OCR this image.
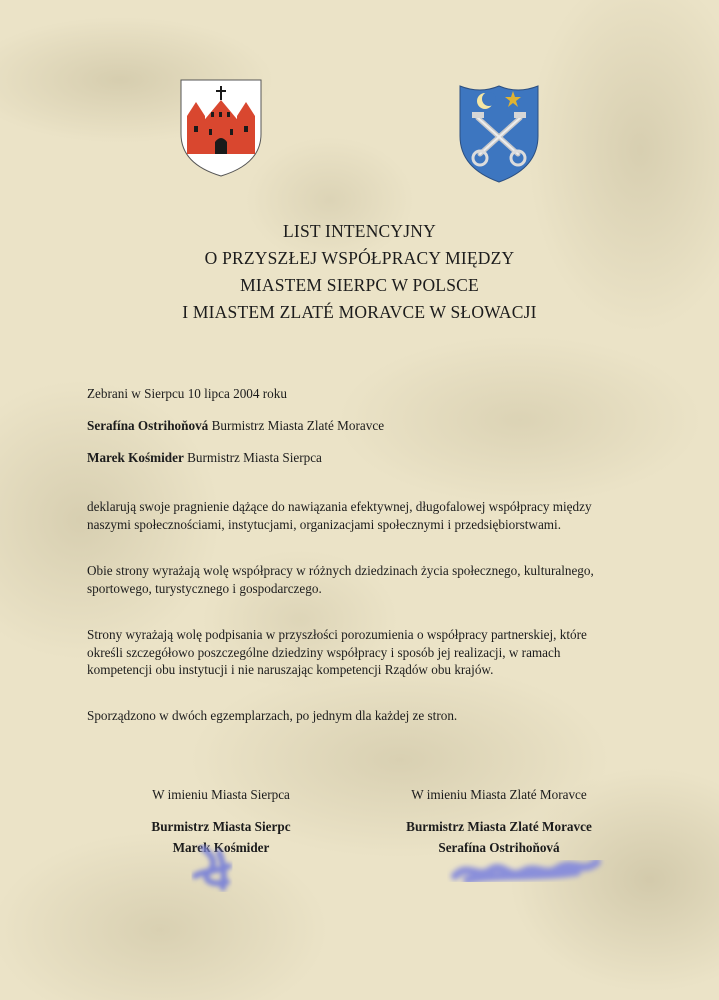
LIST INTENCYJNY
O PRZYSZŁEJ WSPÓŁPRACY MIĘDZY
MIASTEM SIERPC W POLSCE
I MIASTEM ZLATÉ MORAVCE W SŁOWACJI
Zebrani w Sierpcu 10 lipca 2004 roku
Serafína Ostrihoňová Burmistrz Miasta Zlaté Moravce
Marek Kośmider Burmistrz Miasta Sierpca
deklarują swoje pragnienie dążące do nawiązania efektywnej, długofalowej współpracy między
naszymi społecznościami, instytucjami, organizacjami społecznymi i przedsiębiorstwami.
Obie strony wyrażają wolę współpracy w różnych dziedzinach życia społecznego, kulturalnego,
sportowego, turystycznego i gospodarczego.
Strony wyrażają wolę podpisania w przyszłości porozumienia o współpracy partnerskiej, które
określi szczegółowo poszczególne dziedziny współpracy i sposób jej realizacji, w ramach
kompetencji obu instytucji i nie naruszając kompetencji Rządów obu krajów.
Sporządzono w dwóch egzemplarzach, po jednym dla każdej ze stron.
W imieniu Miasta Sierpca
Burmistrz Miasta Sierpc
Marek Kośmider
W imieniu Miasta Zlaté Moravce
Burmistrz Miasta Zlaté Moravce
Serafína Ostrihoňová
